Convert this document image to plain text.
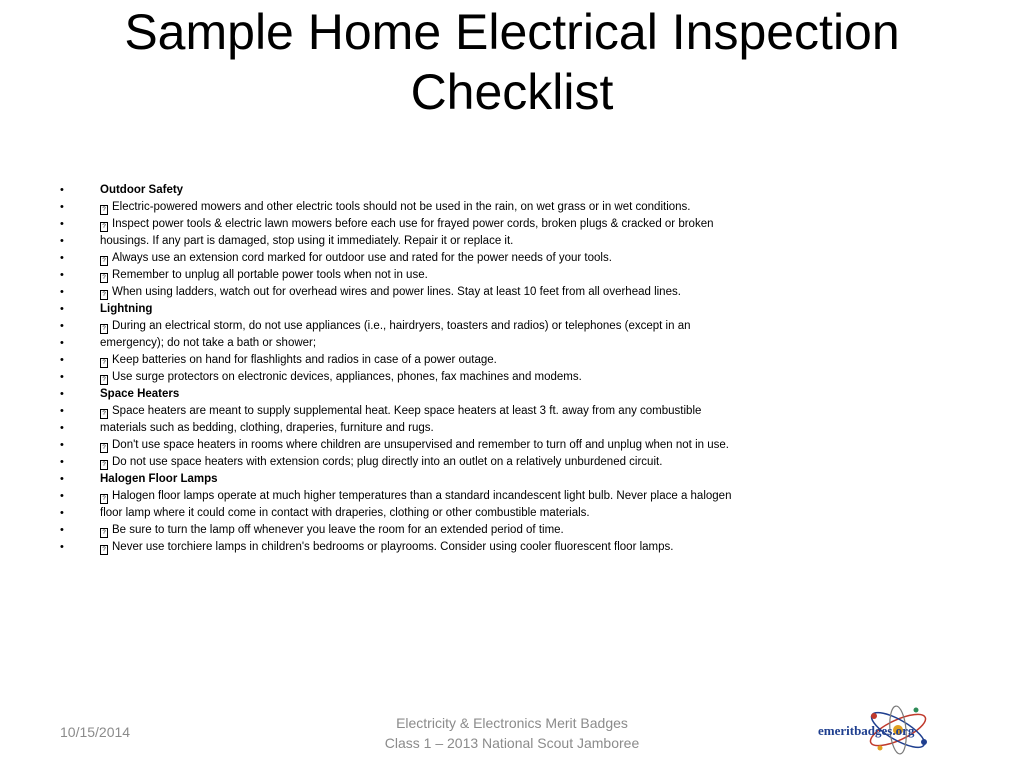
Sample Home Electrical Inspection Checklist
•	Outdoor Safety
•	? Electric-powered mowers and other electric tools should not be used in the rain, on wet grass or in wet conditions.
•	? Inspect power tools & electric lawn mowers before each use for frayed power cords, broken plugs & cracked or broken
•	housings. If any part is damaged, stop using it immediately. Repair it or replace it.
•	? Always use an extension cord marked for outdoor use and rated for the power needs of your tools.
•	? Remember to unplug all portable power tools when not in use.
•	? When using ladders, watch out for overhead wires and power lines. Stay at least 10 feet from all overhead lines.
•	Lightning
•	? During an electrical storm, do not use appliances (i.e., hairdryers, toasters and radios) or telephones (except in an
•	emergency); do not take a bath or shower;
•	? Keep batteries on hand for flashlights and radios in case of a power outage.
•	? Use surge protectors on electronic devices, appliances, phones, fax machines and modems.
•	Space Heaters
•	? Space heaters are meant to supply supplemental heat. Keep space heaters at least 3 ft. away from any combustible
•	materials such as bedding, clothing, draperies, furniture and rugs.
•	? Don't use space heaters in rooms where children are unsupervised and remember to turn off and unplug when not in use.
•	? Do not use space heaters with extension cords; plug directly into an outlet on a relatively unburdened circuit.
•	Halogen Floor Lamps
•	? Halogen floor lamps operate at much higher temperatures than a standard incandescent light bulb. Never place a halogen
•	floor lamp where it could come in contact with draperies, clothing or other combustible materials.
•	? Be sure to turn the lamp off whenever you leave the room for an extended period of time.
•	? Never use torchiere lamps in children's bedrooms or playrooms. Consider using cooler fluorescent floor lamps.
10/15/2014
Electricity & Electronics Merit Badges
Class 1 – 2013 National Scout Jamboree
emeritbadges.org
